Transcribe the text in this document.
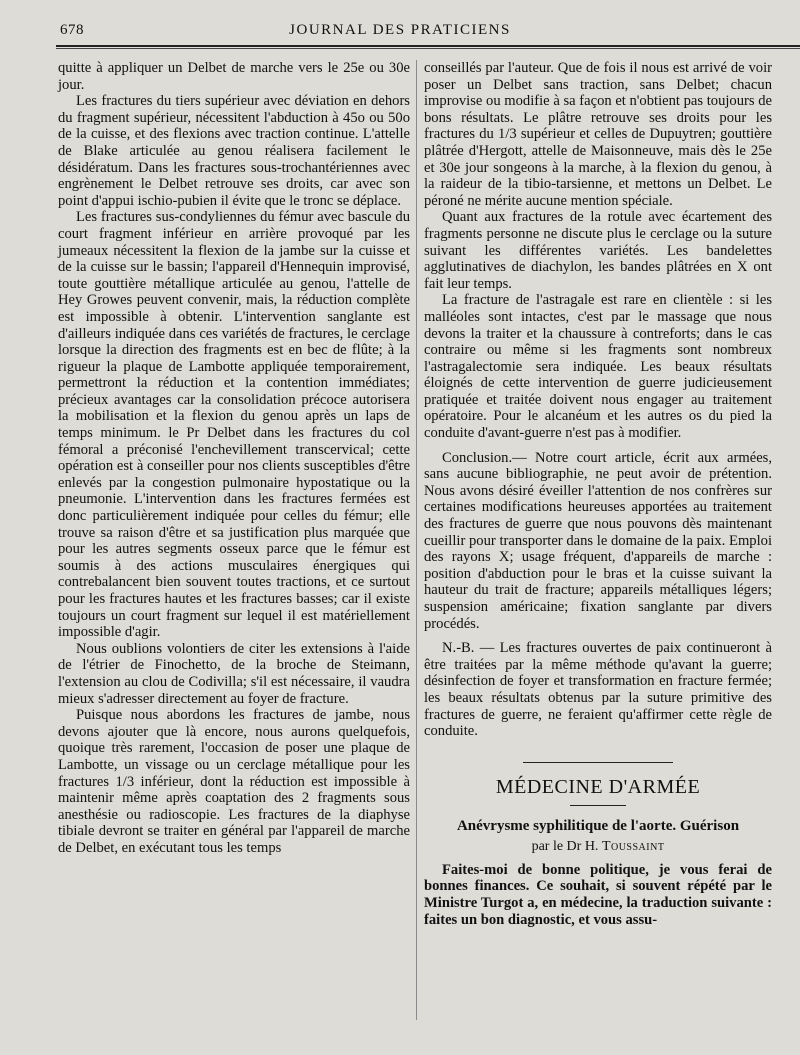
678	JOURNAL DES PRATICIENS

quitte à appliquer un Delbet de marche vers le 25e ou 30e jour.

Les fractures du tiers supérieur avec déviation en dehors du fragment supérieur, nécessitent l'abduction à 45o ou 50o de la cuisse, et des flexions avec traction continue. L'attelle de Blake articulée au genou réalisera facilement le désidératum. Dans les fractures sous-trochantériennes avec engrènement le Delbet retrouve ses droits, car avec son point d'appui ischio-pubien il évite que le tronc se déplace.

Les fractures sus-condyliennes du fémur avec bascule du court fragment inférieur en arrière provoqué par les jumeaux nécessitent la flexion de la jambe sur la cuisse et de la cuisse sur le bassin; l'appareil d'Hennequin improvisé, toute gouttière métallique articulée au genou, l'attelle de Hey Growes peuvent convenir, mais, la réduction complète est impossible à obtenir. L'intervention sanglante est d'ailleurs indiquée dans ces variétés de fractures, le cerclage lorsque la direction des fragments est en bec de flûte; à la rigueur la plaque de Lambotte appliquée temporairement, permettront la réduction et la contention immédiates; précieux avantages car la consolidation précoce autorisera la mobilisation et la flexion du genou après un laps de temps minimum. le Pr Delbet dans les fractures du col fémoral a préconisé l'enchevillement transcervical; cette opération est à conseiller pour nos clients susceptibles d'être enlevés par la congestion pulmonaire hypostatique ou la pneumonie. L'intervention dans les fractures fermées est donc particulièrement indiquée pour celles du fémur; elle trouve sa raison d'être et sa justification plus marquée que pour les autres segments osseux parce que le fémur est soumis à des actions musculaires énergiques qui contrebalancent bien souvent toutes tractions, et ce surtout pour les fractures hautes et les fractures basses; car il existe toujours un court fragment sur lequel il est matériellement impossible d'agir.

Nous oublions volontiers de citer les extensions à l'aide de l'étrier de Finochetto, de la broche de Steimann, l'extension au clou de Codivilla; s'il est nécessaire, il vaudra mieux s'adresser directement au foyer de fracture.

Puisque nous abordons les fractures de jambe, nous devons ajouter que là encore, nous aurons quelquefois, quoique très rarement, l'occasion de poser une plaque de Lambotte, un vissage ou un cerclage métallique pour les fractures 1/3 inférieur, dont la réduction est impossible à maintenir même après coaptation des 2 fragments sous anesthésie ou radioscopie. Les fractures de la diaphyse tibiale devront se traiter en général par l'appareil de marche de Delbet, en exécutant tous les temps

conseillés par l'auteur. Que de fois il nous est arrivé de voir poser un Delbet sans traction, sans Delbet; chacun improvise ou modifie à sa façon et n'obtient pas toujours de bons résultats. Le plâtre retrouve ses droits pour les fractures du 1/3 supérieur et celles de Dupuytren; gouttière plâtrée d'Hergott, attelle de Maisonneuve, mais dès le 25e et 30e jour songeons à la marche, à la flexion du genou, à la raideur de la tibio-tarsienne, et mettons un Delbet. Le péroné ne mérite aucune mention spéciale.

Quant aux fractures de la rotule avec écartement des fragments personne ne discute plus le cerclage ou la suture suivant les différentes variétés. Les bandelettes agglutinatives de diachylon, les bandes plâtrées en X ont fait leur temps.

La fracture de l'astragale est rare en clientèle : si les malléoles sont intactes, c'est par le massage que nous devons la traiter et la chaussure à contreforts; dans le cas contraire ou même si les fragments sont nombreux l'astragalectomie sera indiquée. Les beaux résultats éloignés de cette intervention de guerre judicieusement pratiquée et traitée doivent nous engager au traitement opératoire. Pour le alcanéum et les autres os du pied la conduite d'avant-guerre n'est pas à modifier.

Conclusion.— Notre court article, écrit aux armées, sans aucune bibliographie, ne peut avoir de prétention. Nous avons désiré éveiller l'attention de nos confrères sur certaines modifications heureuses apportées au traitement des fractures de guerre que nous pouvons dès maintenant cueillir pour transporter dans le domaine de la paix. Emploi des rayons X; usage fréquent, d'appareils de marche : position d'abduction pour le bras et la cuisse suivant la hauteur du trait de fracture; appareils métalliques légers; suspension américaine; fixation sanglante par divers procédés.

N.-B. — Les fractures ouvertes de paix continueront à être traitées par la même méthode qu'avant la guerre; désinfection de foyer et transformation en fracture fermée; les beaux résultats obtenus par la suture primitive des fractures de guerre, ne feraient qu'affirmer cette règle de conduite.

MÉDECINE D'ARMÉE

Anévrysme syphilitique de l'aorte. Guérison

par le Dr H. Toussaint

Faites-moi de bonne politique, je vous ferai de bonnes finances. Ce souhait, si souvent répété par le Ministre Turgot a, en médecine, la traduction suivante : faites un bon diagnostic, et vous assu-
